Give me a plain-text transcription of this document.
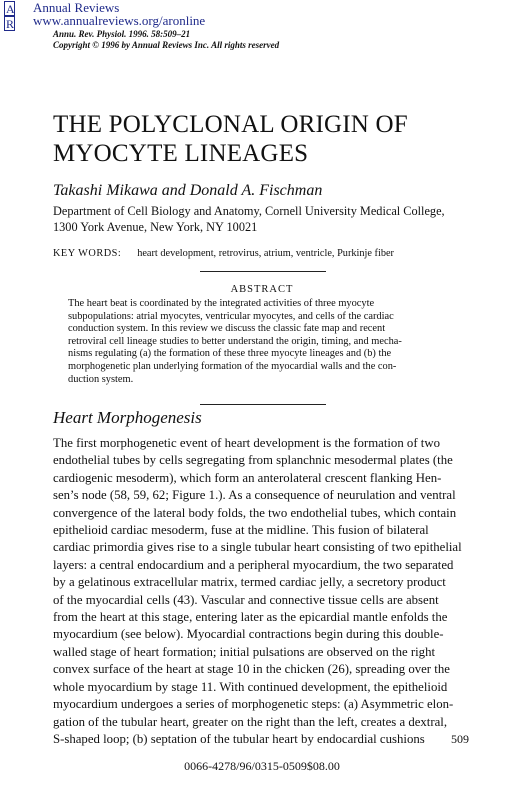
A
R
Annual Reviews
www.annualreviews.org/aronline
Annu. Rev. Physiol. 1996. 58:509–21
Copyright © 1996 by Annual Reviews Inc. All rights reserved
THE POLYCLONAL ORIGIN OF
MYOCYTE LINEAGES
Takashi Mikawa and Donald A. Fischman
Department of Cell Biology and Anatomy, Cornell University Medical College,
1300 York Avenue, New York, NY 10021
KEY WORDS: heart development, retrovirus, atrium, ventricle, Purkinje fiber
ABSTRACT
The heart beat is coordinated by the integrated activities of three myocyte
subpopulations: atrial myocytes, ventricular myocytes, and cells of the cardiac
conduction system. In this review we discuss the classic fate map and recent
retroviral cell lineage studies to better understand the origin, timing, and mecha-
nisms regulating (a) the formation of these three myocyte lineages and (b) the
morphogenetic plan underlying formation of the myocardial walls and the con-
duction system.
Heart Morphogenesis
The first morphogenetic event of heart development is the formation of two
endothelial tubes by cells segregating from splanchnic mesodermal plates (the
cardiogenic mesoderm), which form an anterolateral crescent flanking Hen-
sen’s node (58, 59, 62; Figure 1.). As a consequence of neurulation and ventral
convergence of the lateral body folds, the two endothelial tubes, which contain
epithelioid cardiac mesoderm, fuse at the midline. This fusion of bilateral
cardiac primordia gives rise to a single tubular heart consisting of two epithelial
layers: a central endocardium and a peripheral myocardium, the two separated
by a gelatinous extracellular matrix, termed cardiac jelly, a secretory product
of the myocardial cells (43). Vascular and connective tissue cells are absent
from the heart at this stage, entering later as the epicardial mantle enfolds the
myocardium (see below). Myocardial contractions begin during this double-
walled stage of heart formation; initial pulsations are observed on the right
convex surface of the heart at stage 10 in the chicken (26), spreading over the
whole myocardium by stage 11. With continued development, the epithelioid
myocardium undergoes a series of morphogenetic steps: (a) Asymmetric elon-
gation of the tubular heart, greater on the right than the left, creates a dextral,
S-shaped loop; (b) septation of the tubular heart by endocardial cushions	509
0066-4278/96/0315-0509$08.00
